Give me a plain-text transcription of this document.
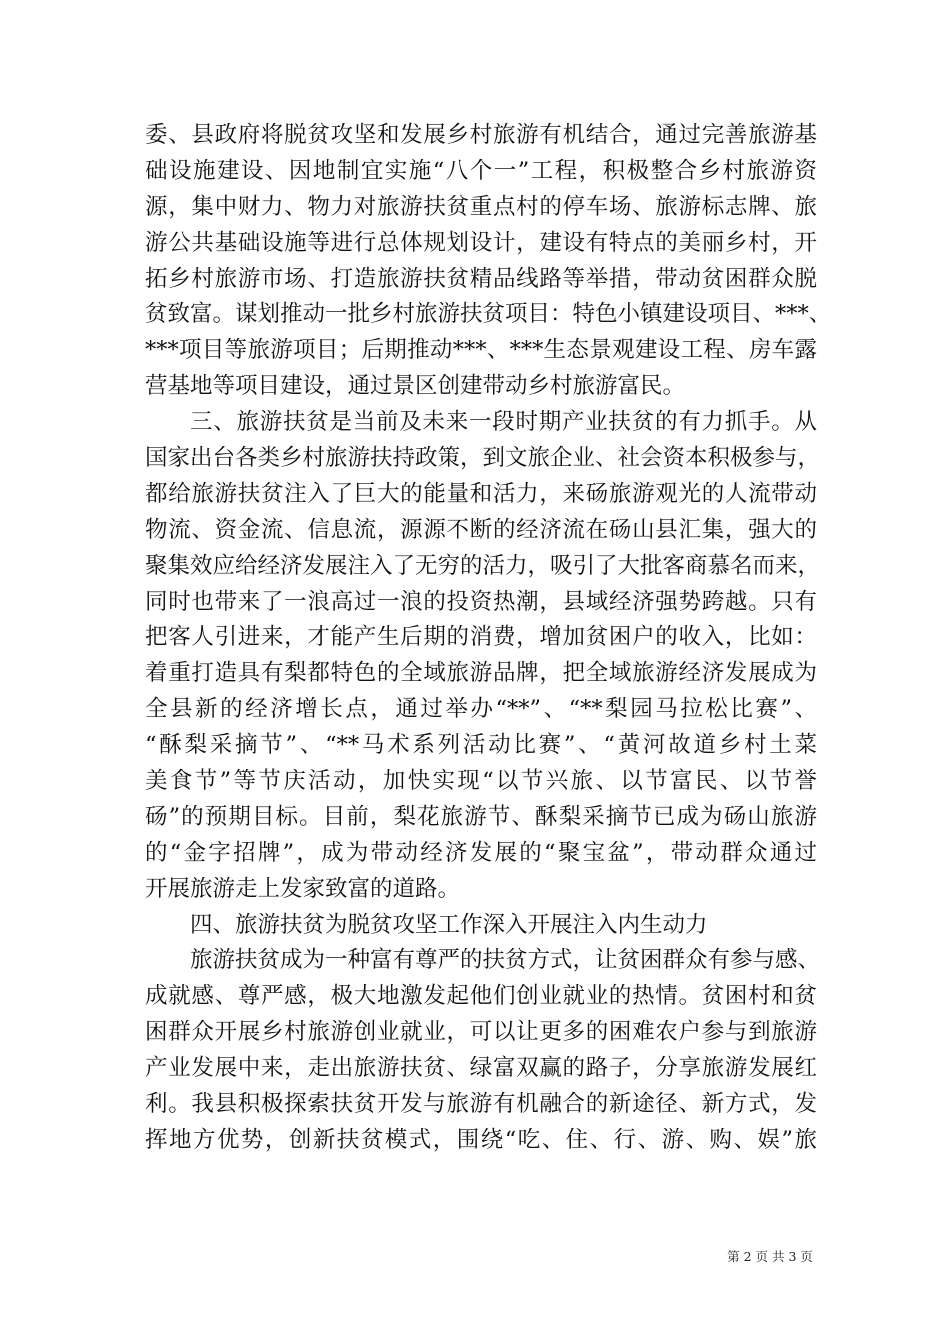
委、县政府将脱贫攻坚和发展乡村旅游有机结合，通过完善旅游基
础设施建设、因地制宜实施“八个一”工程，积极整合乡村旅游资
源，集中财力、物力对旅游扶贫重点村的停车场、旅游标志牌、旅
游公共基础设施等进行总体规划设计，建设有特点的美丽乡村，开
拓乡村旅游市场、打造旅游扶贫精品线路等举措，带动贫困群众脱
贫致富。谋划推动一批乡村旅游扶贫项目：特色小镇建设项目、***、
***项目等旅游项目；后期推动***、***生态景观建设工程、房车露
营基地等项目建设，通过景区创建带动乡村旅游富民。
三、旅游扶贫是当前及未来一段时期产业扶贫的有力抓手。从
国家出台各类乡村旅游扶持政策，到文旅企业、社会资本积极参与，
都给旅游扶贫注入了巨大的能量和活力，来砀旅游观光的人流带动
物流、资金流、信息流，源源不断的经济流在砀山县汇集，强大的
聚集效应给经济发展注入了无穷的活力，吸引了大批客商慕名而来，
同时也带来了一浪高过一浪的投资热潮，县域经济强势跨越。只有
把客人引进来，才能产生后期的消费，增加贫困户的收入，比如：
着重打造具有梨都特色的全域旅游品牌，把全域旅游经济发展成为
全县新的经济增长点，通过举办“**”、“**梨园马拉松比赛”、
“酥梨采摘节”、“**马术系列活动比赛”、“黄河故道乡村土菜
美食节”等节庆活动，加快实现“以节兴旅、以节富民、以节誉
砀”的预期目标。目前，梨花旅游节、酥梨采摘节已成为砀山旅游
的“金字招牌”，成为带动经济发展的“聚宝盆”，带动群众通过
开展旅游走上发家致富的道路。
四、旅游扶贫为脱贫攻坚工作深入开展注入内生动力
旅游扶贫成为一种富有尊严的扶贫方式，让贫困群众有参与感、
成就感、尊严感，极大地激发起他们创业就业的热情。贫困村和贫
困群众开展乡村旅游创业就业，可以让更多的困难农户参与到旅游
产业发展中来，走出旅游扶贫、绿富双赢的路子，分享旅游发展红
利。我县积极探索扶贫开发与旅游有机融合的新途径、新方式，发
挥地方优势，创新扶贫模式，围绕“吃、住、行、游、购、娱”旅
第 2 页 共 3 页
